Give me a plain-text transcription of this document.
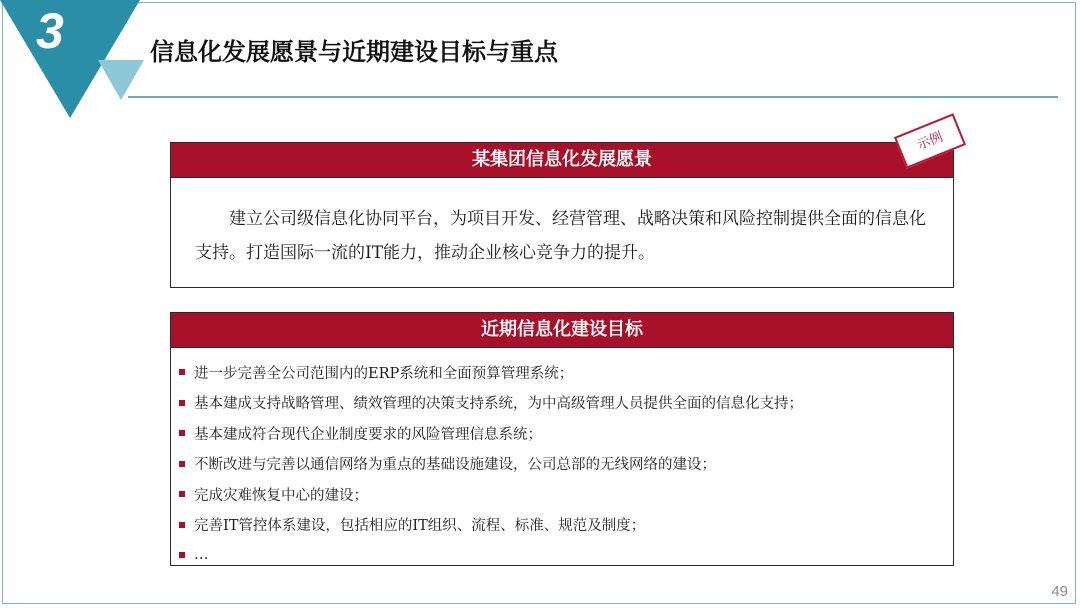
3	信息化发展愿景与近期建设目标与重点
某集团信息化发展愿景

建立公司级信息化协同平台，为项目开发、经营管理、战略决策和风险控制提供全面的信息化支持。打造国际一流的IT能力，推动企业核心竞争力的提升。

示例
近期信息化建设目标
进一步完善全公司范围内的ERP系统和全面预算管理系统；
基本建成支持战略管理、绩效管理的决策支持系统，为中高级管理人员提供全面的信息化支持；
基本建成符合现代企业制度要求的风险管理信息系统；
不断改进与完善以通信网络为重点的基础设施建设，公司总部的无线网络的建设；
完成灾难恢复中心的建设；
完善IT管控体系建设，包括相应的IT组织、流程、标准、规范及制度；
…
49
